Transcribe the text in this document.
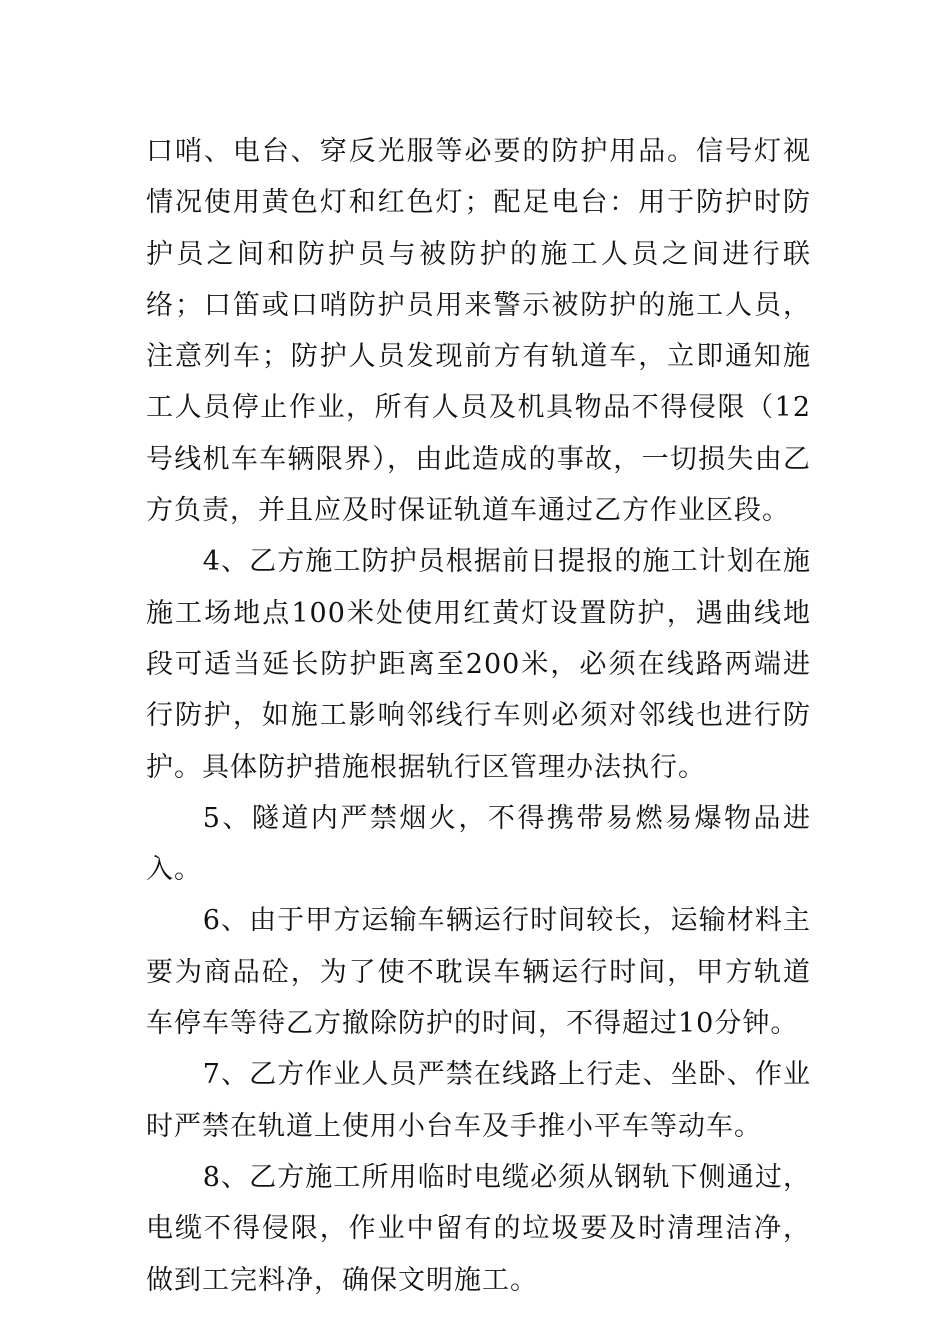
口哨、电台、穿反光服等必要的防护用品。信号灯视情况使用黄色灯和红色灯；配足电台：用于防护时防护员之间和防护员与被防护的施工人员之间进行联络；口笛或口哨防护员用来警示被防护的施工人员，注意列车；防护人员发现前方有轨道车，立即通知施工人员停止作业，所有人员及机具物品不得侵限（12号线机车车辆限界），由此造成的事故，一切损失由乙方负责，并且应及时保证轨道车通过乙方作业区段。

4、乙方施工防护员根据前日提报的施工计划在施施工场地点100米处使用红黄灯设置防护，遇曲线地段可适当延长防护距离至200米，必须在线路两端进行防护，如施工影响邻线行车则必须对邻线也进行防护。具体防护措施根据轨行区管理办法执行。

5、隧道内严禁烟火，不得携带易燃易爆物品进入。

6、由于甲方运输车辆运行时间较长，运输材料主要为商品砼，为了使不耽误车辆运行时间，甲方轨道车停车等待乙方撤除防护的时间，不得超过10分钟。

7、乙方作业人员严禁在线路上行走、坐卧、作业时严禁在轨道上使用小台车及手推小平车等动车。

8、乙方施工所用临时电缆必须从钢轨下侧通过，电缆不得侵限，作业中留有的垃圾要及时清理洁净，做到工完料净，确保文明施工。
